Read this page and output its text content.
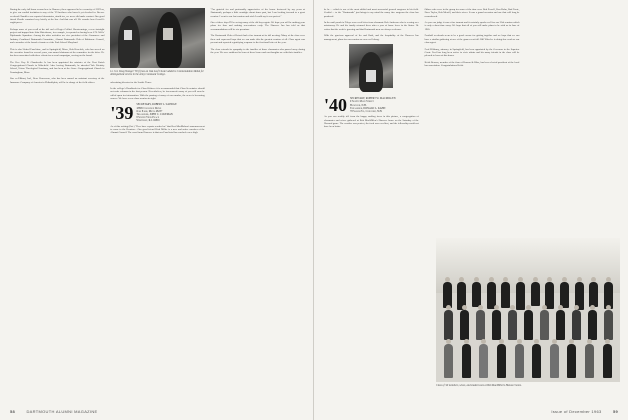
During the early fall home season here in Hanover, there appeared to be a scarcity of 1939'ers, to give our cordial invitation to any of the '39 brethren who haven't yet checked in. Brewer weekend Chandler was reported downstairs, afraid too, we never did make contact. Our good friend Charlie remained very briefly at the Inn. And that was all. We wonder how Gowell's ought prove.

Perhaps some of you recall at the tail end of Roger Collins' Shortcomings, a new fortnight project and trapped into John Waterhouse, for example, is reported as having been C.N. Wells' Diplomatic Squadron. Among his other activities are vice president of the Commerce and Industry Combined Dartmouth Committee, Alumni Dartmouth Club of Baltimore Council, and a member of the board of trustees of the Park School Maryland.

This is also United Fund time, and in Springfield, Mass., Bob Kenefick, who has served on the executive board for several years, was named chairman of the committee for the drive. He has been associated with these efforts for several campaigns, serving on the board.

The Rev. Roy B. Chamberlin Jr. has been appointed the minister of the First Parish Congregational Church in Wakefield. After leaving Dartmouth, he attended Yale Divinity School, Union Theological Seminary, and has been at the Grace Congregational Church in Framingham, Mass.

Our ex-Elkhart, Ind., Rene Beaverson, who has been named an assistant secretary of the Insurance Company of America in Philadelphia, will be in charge of the field offices.
Lt. Col. Doug Younger '39 (l) has an Oak Leaf Cluster added to Commendation Medal for distinguished service in the Army Command College.
advertising director for the Seattle Times.

In the college's Handbook for Class Officers it is recommended that Class Secretaries should not write columns in the first person. Nevertheless, be forewarned: many of you will soon be called upon for information. With the passing of many of our number, the news is becoming scarcer. We have a new class reunion in sight.
'39 SECRETARY, ROBERT L. SAVIDGE
18895 Coolidge Drive
Oak Park, Mich. 48237
Treasurer, JOHN C. COLEMAN
8 Sound View Place
Westerly, R.I. 02891
As of this writing (Oct.) "Here have reports reached us" that Bert MacMahon's announcement to come to the Reunion... Our good friend Dick Miller is a new and active member of the Alumni Council. The word from Hanover is that our Fund total has reached a new high.
"I'm grateful for and profoundly appreciative of the honor bestowed by my years at Dartmouth, perhaps a little nostalgic about times past, but I am looking forward to a great reunion. I went to our last reunion and wish I could say it was perfect."

One of these days I'll be seeing many of the old boys again. We hope you will be making your plans for June and making reservations early. The Hanover Inn has told us that accommodations will be at a premium.

The Dartmouth Club of Detroit had a fine turnout at its fall meeting. Many of the class were there and expressed hope that we can make this the greatest reunion of all. Class agent was present and reported a gratifying response to the first fund letter of the year.

The class extends its sympathy to the families of those classmates who passed away during the year. We were saddened to learn of these losses and our thoughts are with their families.
58	DARTMOUTH ALUMNI MAGAZINE
be be ... which is one of the most skilful and most successful general surgeons in his field. Cordial ... to the "Dartmouth" just brings to my mind the many fine surgeons the class has produced.

In the mail pouch in Tokyo was a real letter from classmate Bob Anderson who is serving as a missionary. He and his family returned there after a year of home leave in the States. He writes that the work is growing and that Dartmouth men are always welcome.

With the gracious approval of Irv and Ruth, and the hospitality of the Hanover Inn management, plans for our reunion are now well along.
'40 SECRETARY, ROBERT W. MACMILLEN
9 South Main Street
Hanover, N.H.
Treasurer, DONALD L. KAHN
78 Salem St., Concord, N.H.
As you can readily tell from the happy smiling faces in this picture, a congregation of classmates and wives gathered at Bob MacMillen's Hanover home on the Saturday of the Harvard game. The weather was perfect, the food was excellent, and the fellowship could not have been better.
Others who were in the group for some of the time were Bob Powell, Don Kahn, Bud Foote, Dave Taylor, Bob Merrill, and their wives. It was a grand occasion and one that will long be remembered.

As you can judge it was a fine turnout and it certainly speaks well for our 25th reunion which is only a short time away. We hope that all of you will make plans to be with us in June of 1965.

Football weekends seem to be a good excuse for getting together and we hope that we can have a similar gathering at one of the games next fall. Bill Wheeler is doing fine work as our class agent.

Fred Pillsbury, attorney in Springfield, has been appointed by the Governor to the Superior Court. Fred has long been active in civic affairs and his many friends in the class will be pleased to learn of this honor.

Keith Benson, member of the firm of Benson & Bliss, has been elected president of the local bar association. Congratulations Keith.
Class of '40 members, wives, and student sons at Bob MacMillen's Hanover home.
Issue of December 1963	59
